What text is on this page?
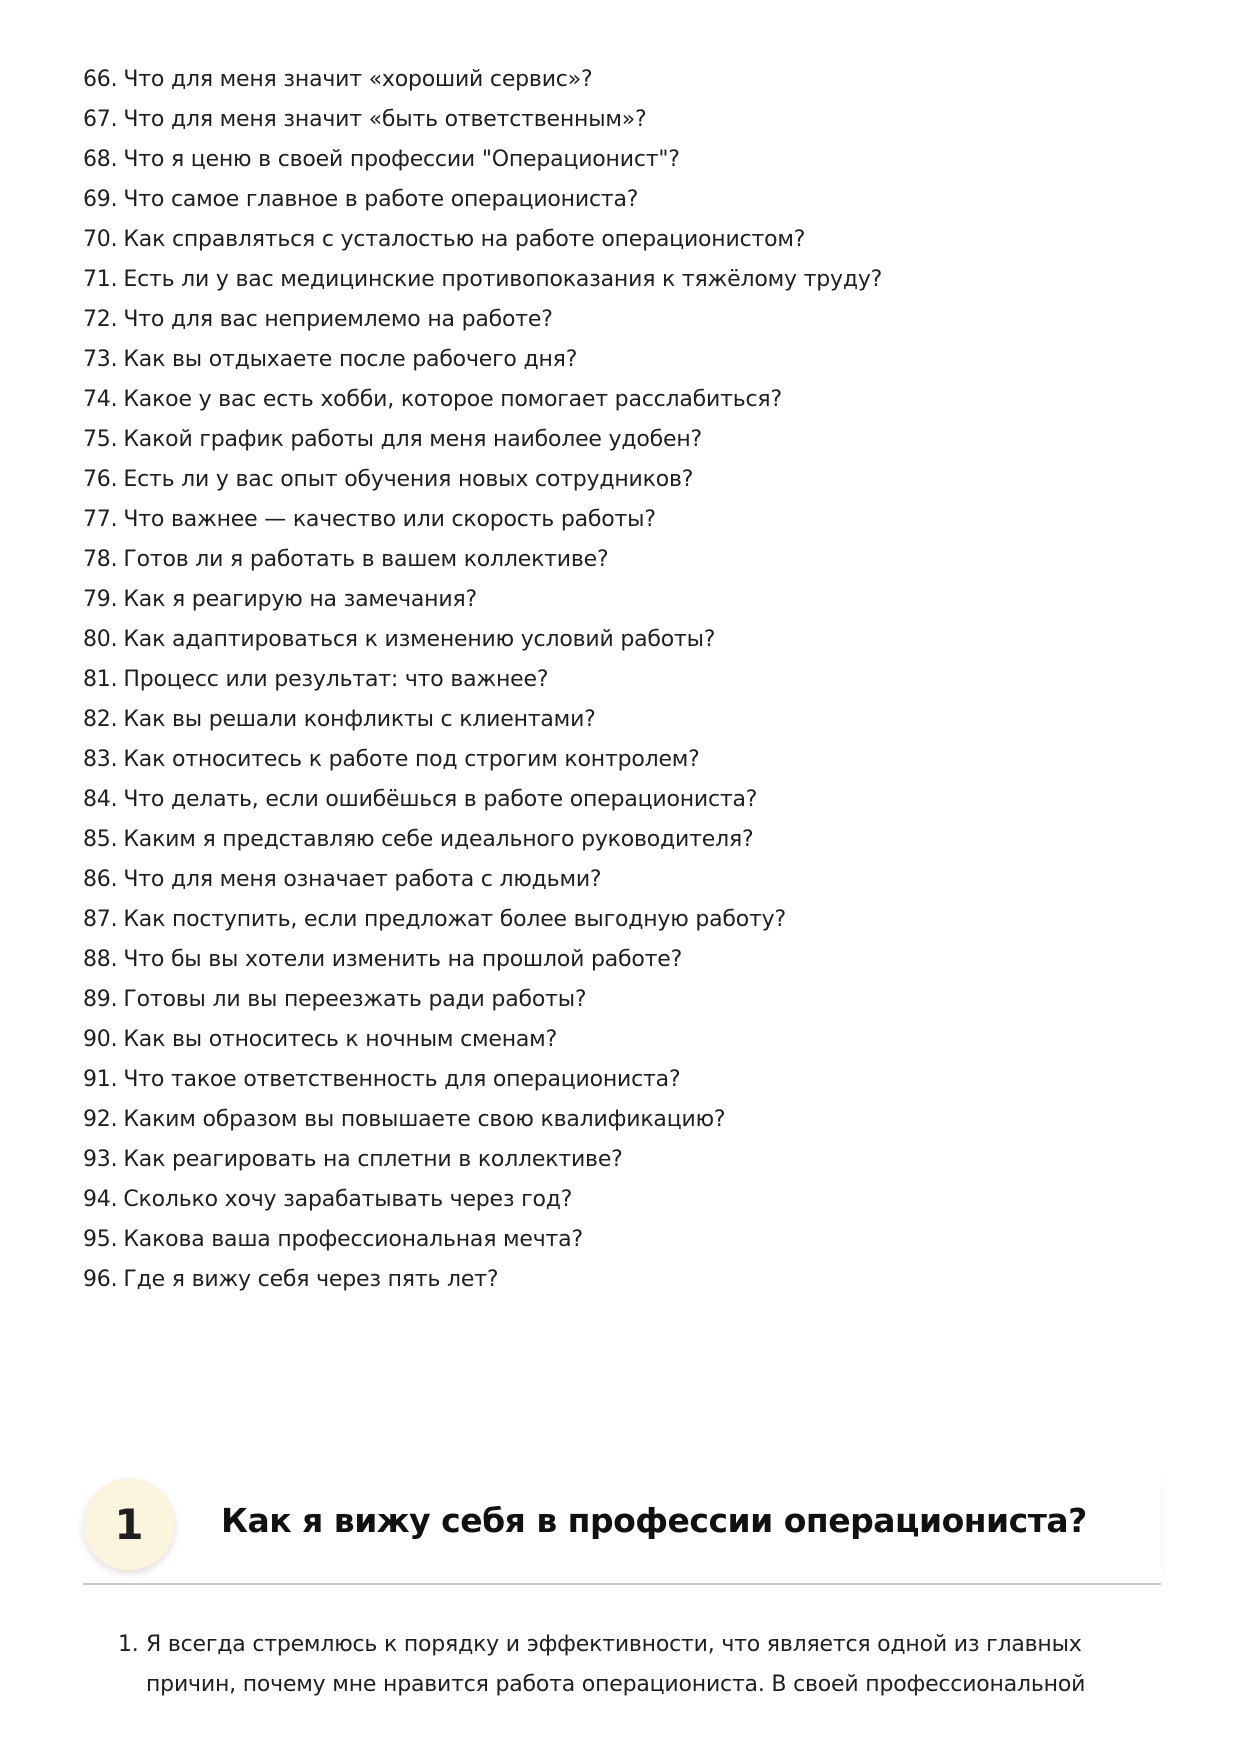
66. Что для меня значит «хороший сервис»?
67. Что для меня значит «быть ответственным»?
68. Что я ценю в своей профессии "Операционист"?
69. Что самое главное в работе операциониста?
70. Как справляться с усталостью на работе операционистом?
71. Есть ли у вас медицинские противопоказания к тяжёлому труду?
72. Что для вас неприемлемо на работе?
73. Как вы отдыхаете после рабочего дня?
74. Какое у вас есть хобби, которое помогает расслабиться?
75. Какой график работы для меня наиболее удобен?
76. Есть ли у вас опыт обучения новых сотрудников?
77. Что важнее — качество или скорость работы?
78. Готов ли я работать в вашем коллективе?
79. Как я реагирую на замечания?
80. Как адаптироваться к изменению условий работы?
81. Процесс или результат: что важнее?
82. Как вы решали конфликты с клиентами?
83. Как относитесь к работе под строгим контролем?
84. Что делать, если ошибёшься в работе операциониста?
85. Каким я представляю себе идеального руководителя?
86. Что для меня означает работа с людьми?
87. Как поступить, если предложат более выгодную работу?
88. Что бы вы хотели изменить на прошлой работе?
89. Готовы ли вы переезжать ради работы?
90. Как вы относитесь к ночным сменам?
91. Что такое ответственность для операциониста?
92. Каким образом вы повышаете свою квалификацию?
93. Как реагировать на сплетни в коллективе?
94. Сколько хочу зарабатывать через год?
95. Какова ваша профессиональная мечта?
96. Где я вижу себя через пять лет?
1	Как я вижу себя в профессии операциониста?
1. Я всегда стремлюсь к порядку и эффективности, что является одной из главных причин, почему мне нравится работа операциониста. В своей профессиональной
